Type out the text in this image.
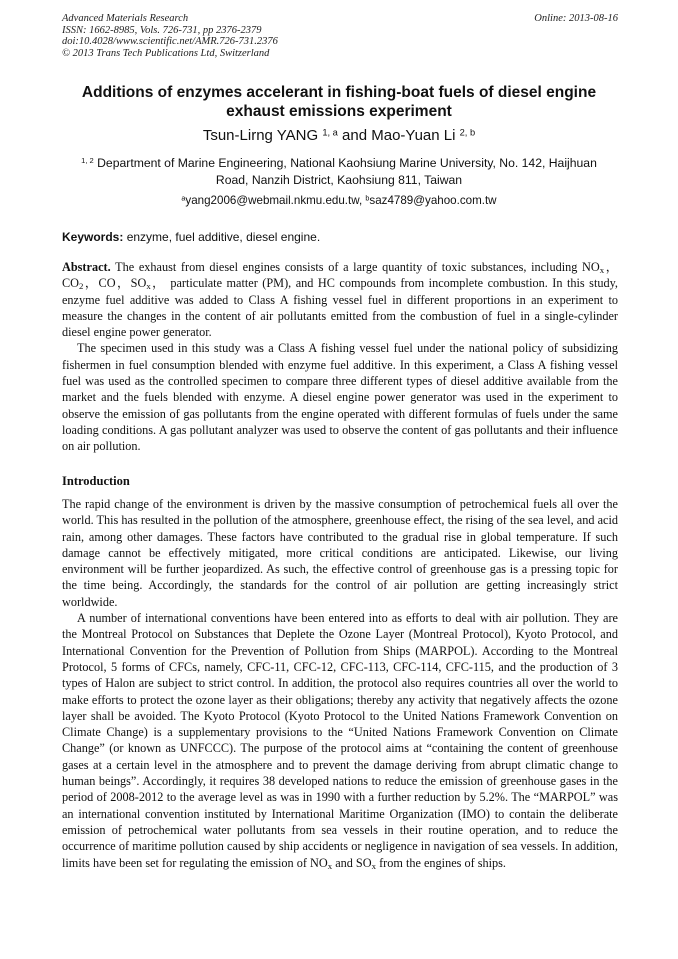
Advanced Materials Research
ISSN: 1662-8985, Vols. 726-731, pp 2376-2379
doi:10.4028/www.scientific.net/AMR.726-731.2376
© 2013 Trans Tech Publications Ltd, Switzerland
Online: 2013-08-16
Additions of enzymes accelerant in fishing-boat fuels of diesel engine
exhaust emissions experiment
Tsun-Lirng YANG $^{1, a}$ and Mao-Yuan Li $^{2, b}$
$^{1, 2}$ Department of Marine Engineering, National Kaohsiung Marine University, No. 142, Haijhuan
Road, Nanzih District, Kaohsiung 811, Taiwan
$^a$yang2006@webmail.nkmu.edu.tw, $^b$saz4789@yahoo.com.tw
Keywords: enzyme, fuel additive, diesel engine.

Abstract. The exhaust from diesel engines consists of a large quantity of toxic substances, including $NO_x$，$CO_2$，CO，$SO_x$， particulate matter (PM), and HC compounds from incomplete combustion. In this study, enzyme fuel additive was added to Class A fishing vessel fuel in different proportions in an experiment to measure the changes in the content of air pollutants emitted from the combustion of fuel in a single-cylinder diesel engine power generator.

The specimen used in this study was a Class A fishing vessel fuel under the national policy of subsidizing fishermen in fuel consumption blended with enzyme fuel additive. In this experiment, a Class A fishing vessel fuel was used as the controlled specimen to compare three different types of diesel additive available from the market and the fuels blended with enzyme. A diesel engine power generator was used in the experiment to observe the emission of gas pollutants from the engine operated with different formulas of fuels under the same loading conditions. A gas pollutant analyzer was used to observe the content of gas pollutants and their influence on air pollution.

Introduction

The rapid change of the environment is driven by the massive consumption of petrochemical fuels all over the world. This has resulted in the pollution of the atmosphere, greenhouse effect, the rising of the sea level, and acid rain, among other damages. These factors have contributed to the gradual rise in global temperature. If such damage cannot be effectively mitigated, more critical conditions are anticipated. Likewise, our living environment will be further jeopardized. As such, the effective control of greenhouse gas is a pressing topic for the time being. Accordingly, the standards for the control of air pollution are getting increasingly strict worldwide.

A number of international conventions have been entered into as efforts to deal with air pollution. They are the Montreal Protocol on Substances that Deplete the Ozone Layer (Montreal Protocol), Kyoto Protocol, and International Convention for the Prevention of Pollution from Ships (MARPOL). According to the Montreal Protocol, 5 forms of CFCs, namely, CFC-11, CFC-12, CFC-113, CFC-114, CFC-115, and the production of 3 types of Halon are subject to strict control. In addition, the protocol also requires countries all over the world to make efforts to protect the ozone layer as their obligations; thereby any activity that negatively affects the ozone layer shall be avoided. The Kyoto Protocol (Kyoto Protocol to the United Nations Framework Convention on Climate Change) is a supplementary provisions to the “United Nations Framework Convention on Climate Change” (or known as UNFCCC). The purpose of the protocol aims at “containing the content of greenhouse gases at a certain level in the atmosphere and to prevent the damage deriving from abrupt climatic change to human beings”. Accordingly, it requires 38 developed nations to reduce the emission of greenhouse gases in the period of 2008-2012 to the average level as was in 1990 with a further reduction by 5.2%. The “MARPOL” was an international convention instituted by International Maritime Organization (IMO) to contain the deliberate emission of petrochemical water pollutants from sea vessels in their routine operation, and to reduce the occurrence of maritime pollution caused by ship accidents or negligence in navigation of sea vessels. In addition, limits have been set for regulating the emission of $NO_x$ and $SO_x$ from the engines of ships.
